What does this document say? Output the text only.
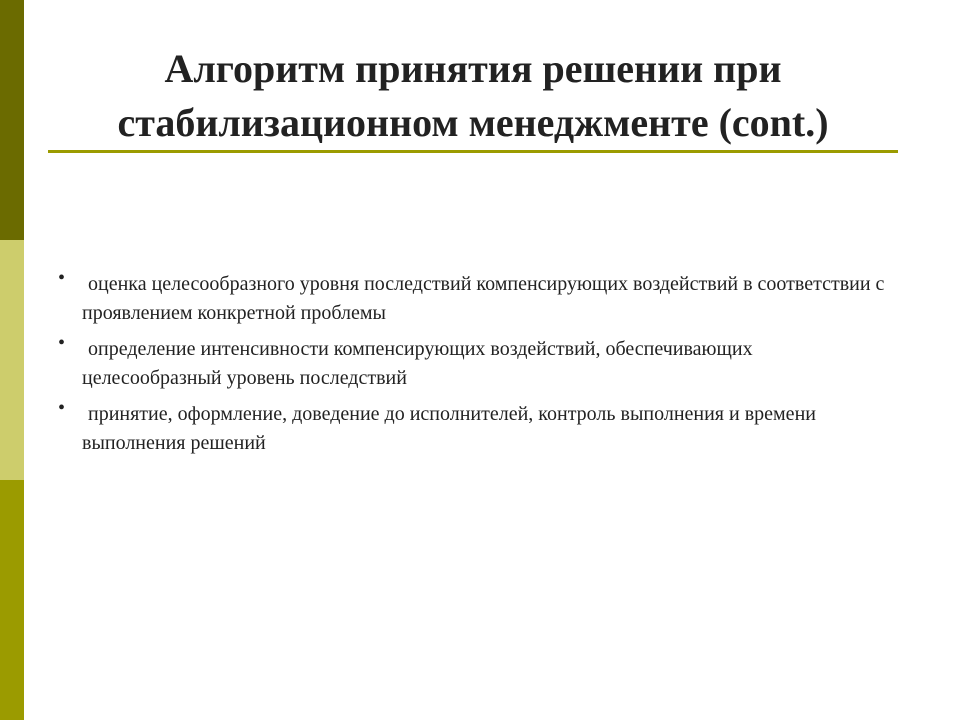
Алгоритм принятия решении при
стабилизационном менеджменте (cont.)
•	оценка целесообразного уровня последствий компенсирующих воздействий в соответствии с проявлением конкретной проблемы
•	определение интенсивности компенсирующих воздействий, обеспечивающих целесообразный уровень последствий
•	принятие, оформление, доведение до исполнителей, контроль выполнения и времени выполнения решений
